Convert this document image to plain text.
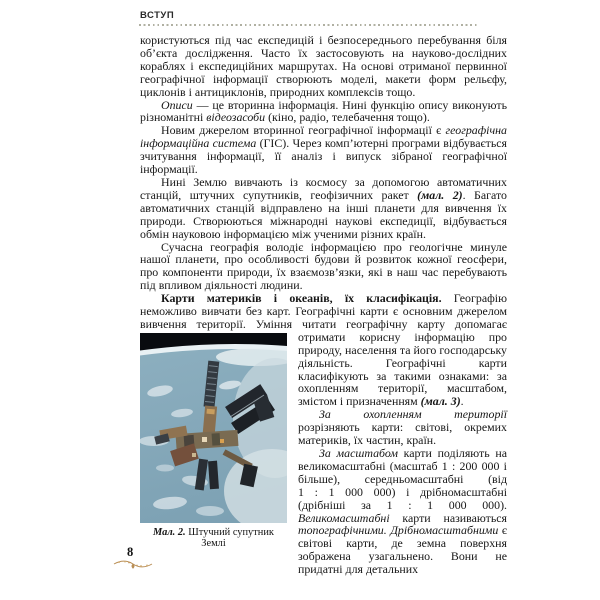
ВСТУП

користуються під час експедицій і безпосереднього перебування біля об’єкта дослідження. Часто їх застосовують на науково-дослідних кораблях і експедиційних маршрутах. На основі отриманої первинної географічної інформації створюють моделі, макети форм рельєфу, циклонів і антициклонів, природних комплексів тощо.

Описи — це вторинна інформація. Нині функцію опису виконують різноманітні відеозасоби (кіно, радіо, телебачення тощо).

Новим джерелом вторинної географічної інформації є географічна інформаційна система (ГІС). Через комп’ютерні програми відбувається зчитування інформації, її аналіз і випуск зібраної географічної інформації.

Нині Землю вивчають із космосу за допомогою автоматичних станцій, штучних супутників, геофізичних ракет (мал. 2). Багато автоматичних станцій відправлено на інші планети для вивчення їх природи. Створюються міжнародні наукові експедиції, відбувається обмін науковою інформацією між ученими різних країн.

Сучасна географія володіє інформацією про геологічне минуле нашої планети, про особливості будови й розвиток кожної геосфери, про компоненти природи, їх взаємозв’язки, які в наш час перебувають під впливом діяльності людини.

Карти материків і океанів, їх класифікація. Географію неможливо вивчати без карт. Географічні карти є основним джерелом вивчення території. Уміння читати географічну карту допомагає

Мал. 2. Штучний супутник Землі

отримати корисну інформацію про природу, населення та його господарську діяльність. Географічні карти класифікують за такими ознаками: за охопленням території, масштабом, змістом і призначенням (мал. 3).

За охопленням території розрізняють карти: світові, окремих материків, їх частин, країн.

За масштабом карти поділяють на великомасштабні (масштаб 1 : 200 000 і більше), середньомасштабні (від 1 : 1 000 000) і дрібномасштабні (дрібніші за 1 : 1 000 000). Великомасштабні карти називаються топографічними. Дрібномасштабними є світові карти, де земна поверхня зображена узагальнено. Вони не придатні для детальних

8
